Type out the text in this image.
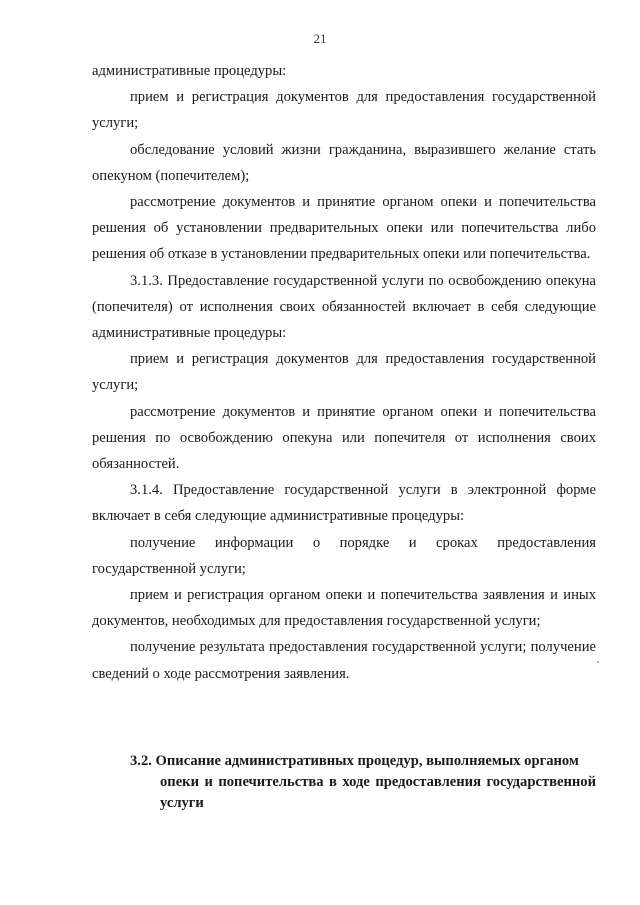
21

административные процедуры:

прием и регистрация документов для предоставления государственной услуги;

обследование условий жизни гражданина, выразившего желание стать опекуном (попечителем);

рассмотрение документов и принятие органом опеки и попечительства решения об установлении предварительных опеки или попечительства либо решения об отказе в установлении предварительных опеки или попечительства.

3.1.3. Предоставление государственной услуги по освобождению опекуна (попечителя) от исполнения своих обязанностей включает в себя следующие административные процедуры:

прием и регистрация документов для предоставления государственной услуги;

рассмотрение документов и принятие органом опеки и попечительства решения по освобождению опекуна или попечителя от исполнения своих обязанностей.

3.1.4. Предоставление государственной услуги в электронной форме включает в себя следующие административные процедуры:

получение информации о порядке и сроках предоставления государственной услуги;

прием и регистрация органом опеки и попечительства заявления и иных документов, необходимых для предоставления государственной услуги;

получение результата предоставления государственной услуги; получение сведений о ходе рассмотрения заявления.

3.2. Описание административных процедур, выполняемых органом
опеки и попечительства в ходе предоставления государственной услуги
